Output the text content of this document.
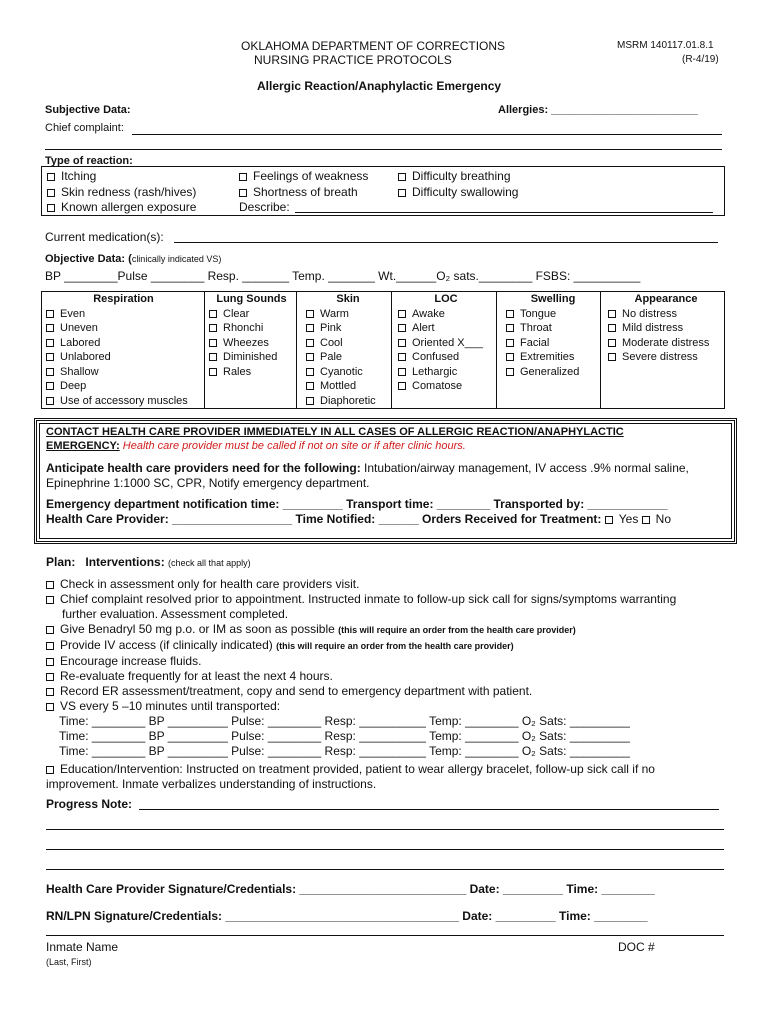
OKLAHOMA DEPARTMENT OF CORRECTIONS
NURSING PRACTICE PROTOCOLS
MSRM 140117.01.8.1
(R-4/19)
Allergic Reaction/Anaphylactic Emergency
Subjective Data:	Allergies: ________________________
Chief complaint:
Type of reaction:
Itching
Skin redness (rash/hives)
Known allergen exposure
Feelings of weakness
Shortness of breath
Difficulty breathing
Difficulty swallowing
Describe:
Current medication(s):
Objective Data: (clinically indicated VS)
BP ________Pulse ________ Resp. _______ Temp. _______ Wt.______O₂ sats.________ FSBS: __________
Respiration
Even
Uneven
Labored
Unlabored
Shallow
Deep
Use of accessory muscles
Lung Sounds
Clear
Rhonchi
Wheezes
Diminished
Rales
Skin
Warm
Pink
Cool
Pale
Cyanotic
Mottled
Diaphoretic
LOC
Awake
Alert
Oriented X___
Confused
Lethargic
Comatose
Swelling
Tongue
Throat
Facial
Extremities
Generalized
Appearance
No distress
Mild distress
Moderate distress
Severe distress
CONTACT HEALTH CARE PROVIDER IMMEDIATELY IN ALL CASES OF ALLERGIC REACTION/ANAPHYLACTIC
EMERGENCY: Health care provider must be called if not on site or if after clinic hours.
Anticipate health care providers need for the following: Intubation/airway management, IV access .9% normal saline,
Epinephrine 1:1000 SC, CPR, Notify emergency department.
Emergency department notification time: _________ Transport time: ________ Transported by: ____________
Health Care Provider: __________________ Time Notified: ______ Orders Received for Treatment: Yes No
Plan: Interventions: (check all that apply)
Check in assessment only for health care providers visit.
Chief complaint resolved prior to appointment. Instructed inmate to follow-up sick call for signs/symptoms warranting
further evaluation. Assessment completed.
Give Benadryl 50 mg p.o. or IM as soon as possible (this will require an order from the health care provider)
Provide IV access (if clinically indicated) (this will require an order from the health care provider)
Encourage increase fluids.
Re-evaluate frequently for at least the next 4 hours.
Record ER assessment/treatment, copy and send to emergency department with patient.
VS every 5 –10 minutes until transported:
Time: ________ BP _________ Pulse: ________ Resp: __________ Temp: ________ O₂ Sats: _________
Time: ________ BP _________ Pulse: ________ Resp: __________ Temp: ________ O₂ Sats: _________
Time: ________ BP _________ Pulse: ________ Resp: __________ Temp: ________ O₂ Sats: _________
Education/Intervention: Instructed on treatment provided, patient to wear allergy bracelet, follow-up sick call if no
improvement. Inmate verbalizes understanding of instructions.
Progress Note:
Health Care Provider Signature/Credentials: _________________________ Date: _________ Time: ________
RN/LPN Signature/Credentials: ___________________________________ Date: _________ Time: ________
Inmate Name
(Last, First)
DOC #
